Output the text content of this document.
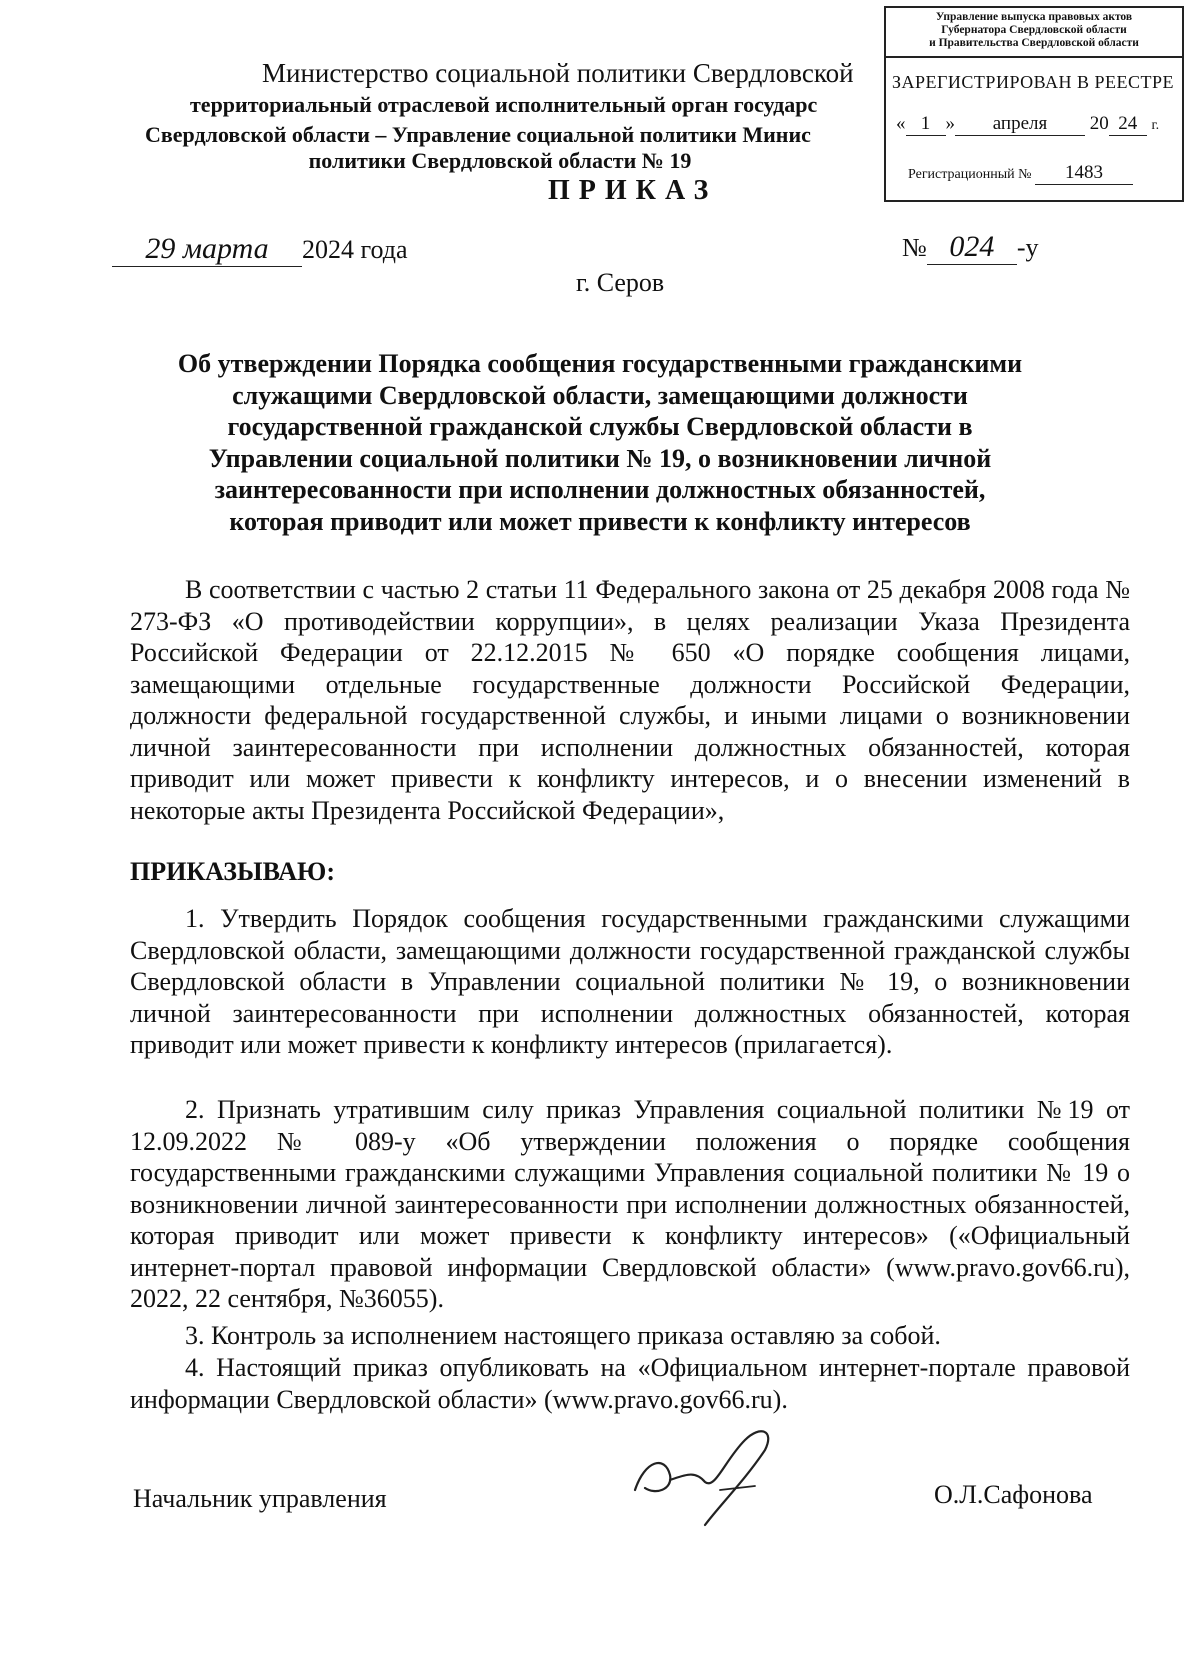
Управление выпуска правовых актов
Губернатора Свердловской области
и Правительства Свердловской области
ЗАРЕГИСТРИРОВАН В РЕЕСТРЕ
« 1 » апреля 20 24 г.
Регистрационный № 1483
Министерство социальной политики Свердловской
территориальный отраслевой исполнительный орган государс
Свердловской области – Управление социальной политики Минис
политики Свердловской области № 19
ПРИКАЗ
29 марта 2024 года	№ 024 -у
г. Серов
Об утверждении Порядка сообщения государственными гражданскими
служащими Свердловской области, замещающими должности
государственной гражданской службы Свердловской области в
Управлении социальной политики № 19, о возникновении личной
заинтересованности при исполнении должностных обязанностей,
которая приводит или может привести к конфликту интересов
В соответствии с частью 2 статьи 11 Федерального закона от 25 декабря 2008 года № 273-ФЗ «О противодействии коррупции», в целях реализации Указа Президента Российской Федерации от 22.12.2015 № 650 «О порядке сообщения лицами, замещающими отдельные государственные должности Российской Федерации, должности федеральной государственной службы, и иными лицами о возникновении личной заинтересованности при исполнении должностных обязанностей, которая приводит или может привести к конфликту интересов, и о внесении изменений в некоторые акты Президента Российской Федерации»,
ПРИКАЗЫВАЮ:
1. Утвердить Порядок сообщения государственными гражданскими служащими Свердловской области, замещающими должности государственной гражданской службы Свердловской области в Управлении социальной политики № 19, о возникновении личной заинтересованности при исполнении должностных обязанностей, которая приводит или может привести к конфликту интересов (прилагается).
2. Признать утратившим силу приказ Управления социальной политики №19 от 12.09.2022 № 089-у «Об утверждении положения о порядке сообщения государственными гражданскими служащими Управления социальной политики № 19 о возникновении личной заинтересованности при исполнении должностных обязанностей, которая приводит или может привести к конфликту интересов» («Официальный интернет-портал правовой информации Свердловской области» (www.pravo.gov66.ru), 2022, 22 сентября, №36055).
3. Контроль за исполнением настоящего приказа оставляю за собой.
4. Настоящий приказ опубликовать на «Официальном интернет-портале правовой информации Свердловской области» (www.pravo.gov66.ru).
Начальник управления	О.Л.Сафонова
